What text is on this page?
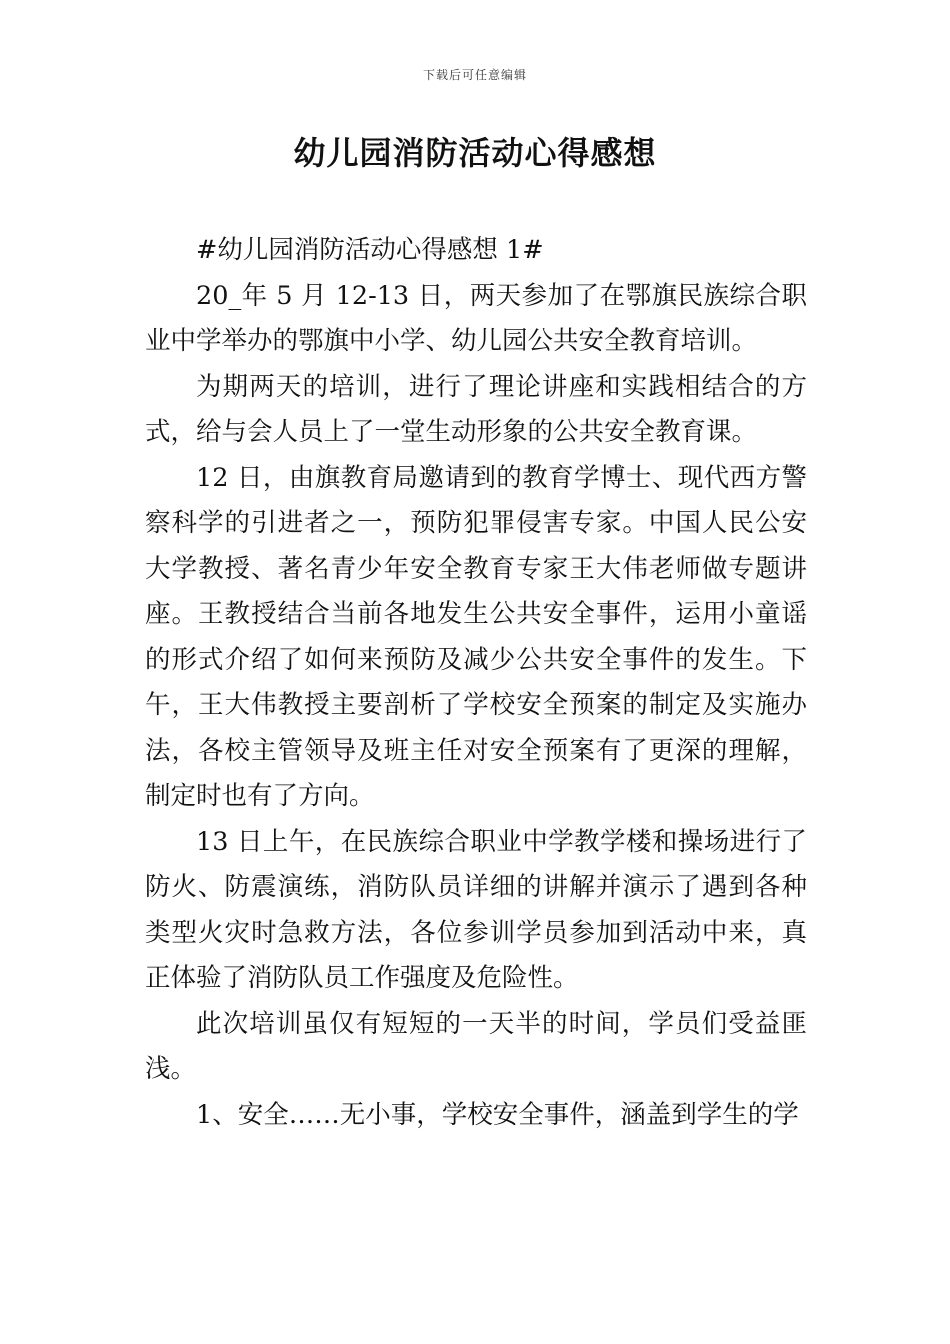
下载后可任意编辑
幼儿园消防活动心得感想

#幼儿园消防活动心得感想 1#

20_年 5 月 12-13 日，两天参加了在鄂旗民族综合职业中学举办的鄂旗中小学、幼儿园公共安全教育培训。

为期两天的培训，进行了理论讲座和实践相结合的方式，给与会人员上了一堂生动形象的公共安全教育课。

12 日，由旗教育局邀请到的教育学博士、现代西方警察科学的引进者之一，预防犯罪侵害专家。中国人民公安大学教授、著名青少年安全教育专家王大伟老师做专题讲座。王教授结合当前各地发生公共安全事件，运用小童谣的形式介绍了如何来预防及减少公共安全事件的发生。下午，王大伟教授主要剖析了学校安全预案的制定及实施办法，各校主管领导及班主任对安全预案有了更深的理解，制定时也有了方向。

13 日上午，在民族综合职业中学教学楼和操场进行了防火、防震演练，消防队员详细的讲解并演示了遇到各种类型火灾时急救方法，各位参训学员参加到活动中来，真正体验了消防队员工作强度及危险性。

此次培训虽仅有短短的一天半的时间，学员们受益匪浅。

1、安全……无小事，学校安全事件，涵盖到学生的学
